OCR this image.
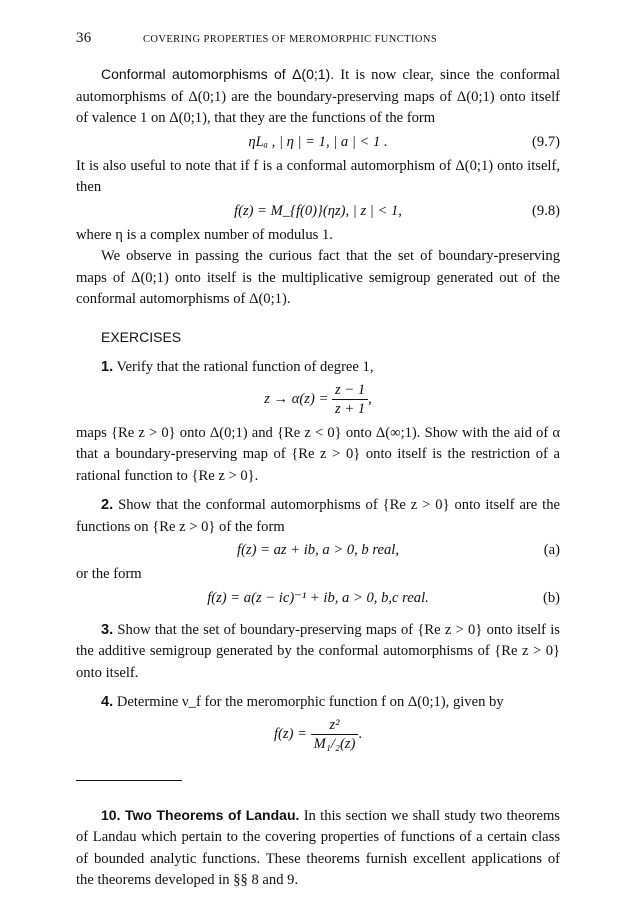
36	COVERING PROPERTIES OF MEROMORPHIC FUNCTIONS

Conformal automorphisms of Δ(0;1). It is now clear, since the conformal automorphisms of Δ(0;1) are the boundary-preserving maps of Δ(0;1) onto itself of valence 1 on Δ(0;1), that they are the functions of the form

ηLₐ , | η | = 1, | a | < 1 .	(9.7)

It is also useful to note that if f is a conformal automorphism of Δ(0;1) onto itself, then

f(z) = M_{f(0)}(ηz), | z | < 1,	(9.8)

where η is a complex number of modulus 1.

We observe in passing the curious fact that the set of boundary-preserving maps of Δ(0;1) onto itself is the multiplicative semigroup generated out of the conformal automorphisms of Δ(0;1).

EXERCISES

1. Verify that the rational function of degree 1,

$z \to \alpha(z) = \frac{z - 1}{z + 1}$ ,

maps {Re z > 0} onto Δ(0;1) and {Re z < 0} onto Δ(∞;1). Show with the aid of α that a boundary-preserving map of {Re z > 0} onto itself is the restriction of a rational function to {Re z > 0}.

2. Show that the conformal automorphisms of {Re z > 0} onto itself are the functions on {Re z > 0} of the form

f(z) = az + ib, a > 0, b real,	(a)

or the form

f(z) = a(z − ic)⁻¹ + ib, a > 0, b,c real.	(b)

3. Show that the set of boundary-preserving maps of {Re z > 0} onto itself is the additive semigroup generated by the conformal automorphisms of {Re z > 0} onto itself.

4. Determine ν_f for the meromorphic function f on Δ(0;1), given by

$f(z) = \frac{\text{z²}}{\text{M₁/₂(z)}}$ .

10. Two Theorems of Landau. In this section we shall study two theorems of Landau which pertain to the covering properties of functions of a certain class of bounded analytic functions. These theorems furnish excellent applications of the theorems developed in §§ 8 and 9.
